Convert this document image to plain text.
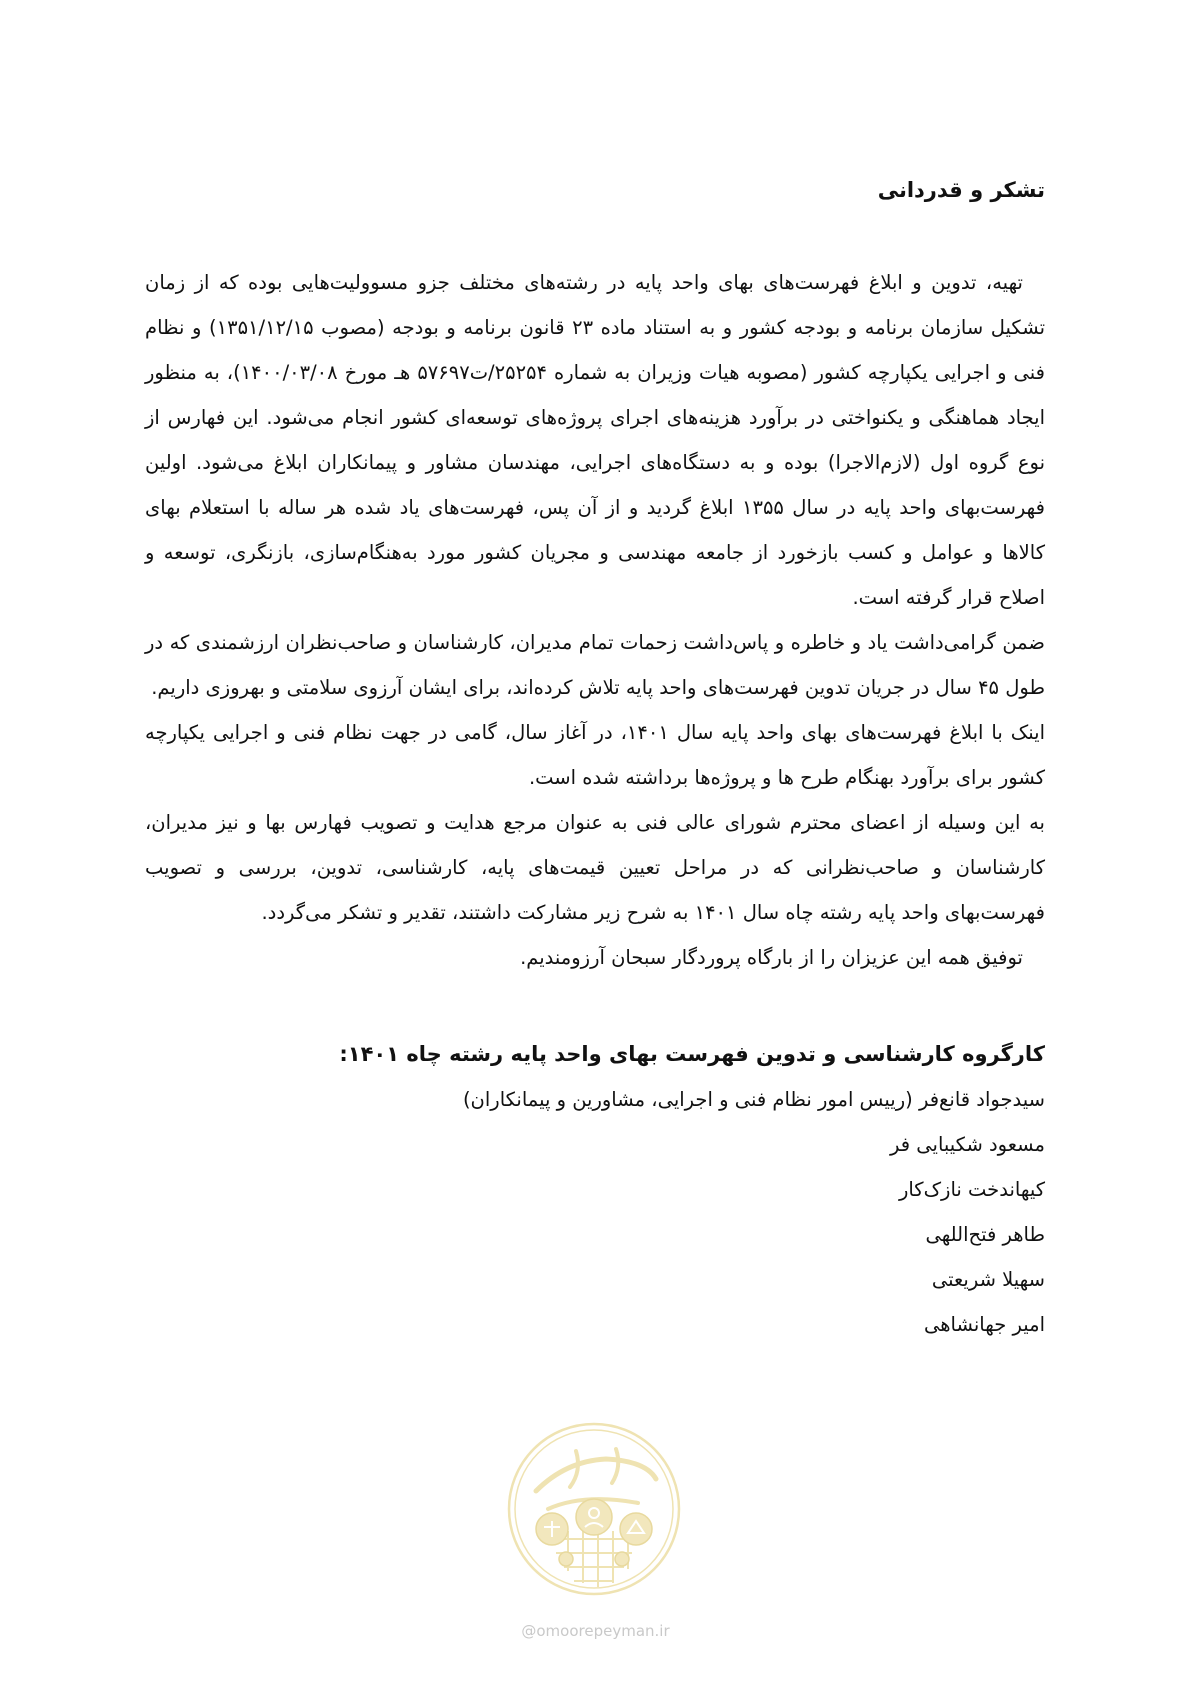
تشکر و قدردانی

تهیه، تدوین و ابلاغ فهرست‌های بهای واحد پایه در رشته‌های مختلف جزو مسوولیت‌هایی بوده که از زمان تشکیل سازمان برنامه و بودجه کشور و به استناد ماده ۲۳ قانون برنامه و بودجه (مصوب ۱۳۵۱/۱۲/۱۵) و نظام فنی و اجرایی یکپارچه کشور (مصوبه هیات وزیران به شماره ۲۵۲۵۴/ت۵۷۶۹۷ هـ مورخ ۱۴۰۰/۰۳/۰۸)، به منظور ایجاد هماهنگی و یکنواختی در برآورد هزینه‌های اجرای پروژه‌های توسعه‌ای کشور انجام می‌شود. این فهارس از نوع گروه اول (لازم‌الاجرا) بوده و به دستگاه‌های اجرایی، مهندسان مشاور و پیمانکاران ابلاغ می‌شود. اولین فهرست‌بهای واحد پایه در سال ۱۳۵۵ ابلاغ گردید و از آن پس، فهرست‌های یاد شده هر ساله با استعلام بهای کالاها و عوامل و کسب بازخورد از جامعه مهندسی و مجریان کشور مورد به‌هنگام‌سازی، بازنگری، توسعه و اصلاح قرار گرفته است.

ضمن گرامی‌داشت یاد و خاطره و پاس‌داشت زحمات تمام مدیران، کارشناسان و صاحب‌نظران ارزشمندی که در طول ۴۵ سال در جریان تدوین فهرست‌های واحد پایه تلاش کرده‌اند، برای ایشان آرزوی سلامتی و بهروزی داریم.

اینک با ابلاغ فهرست‌های بهای واحد پایه سال ۱۴۰۱، در آغاز سال، گامی در جهت نظام فنی و اجرایی یکپارچه کشور برای برآورد بهنگام طرح ها و پروژه‌ها برداشته شده است.

به این وسیله از اعضای محترم شورای عالی فنی به عنوان مرجع هدایت و تصویب فهارس بها و نیز مدیران، کارشناسان و صاحب‌نظرانی که در مراحل تعیین قیمت‌های پایه، کارشناسی، تدوین، بررسی و تصویب فهرست‌بهای واحد پایه رشته چاه سال ۱۴۰۱ به شرح زیر مشارکت داشتند، تقدیر و تشکر می‌گردد.

توفیق همه این عزیزان را از بارگاه پروردگار سبحان آرزومندیم.

کارگروه کارشناسی و تدوین فهرست بهای واحد پایه رشته چاه ۱۴۰۱:

سیدجواد قانع‌فر (رییس امور نظام فنی و اجرایی، مشاورین و پیمانکاران)

مسعود شکیبایی فر

کیهاندخت نازک‌کار

طاهر فتح‌اللهی

سهیلا شریعتی

امیر جهانشاهی

@omoorepeyman.ir
